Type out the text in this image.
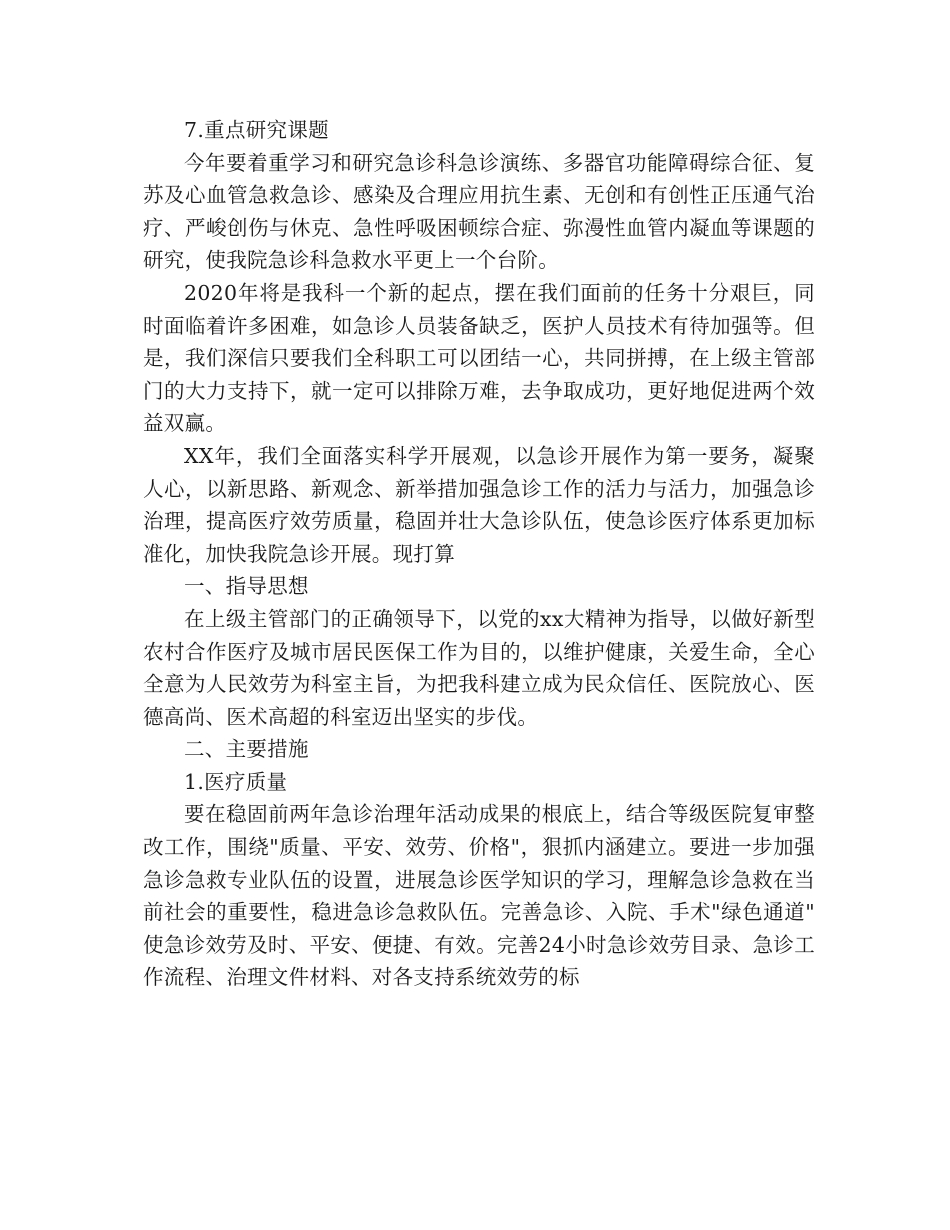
7.重点研究课题

今年要着重学习和研究急诊科急诊演练、多器官功能障碍综合征、复苏及心血管急救急诊、感染及合理应用抗生素、无创和有创性正压通气治疗、严峻创伤与休克、急性呼吸困顿综合症、弥漫性血管内凝血等课题的研究，使我院急诊科急救水平更上一个台阶。

2020年将是我科一个新的起点，摆在我们面前的任务十分艰巨，同时面临着许多困难，如急诊人员装备缺乏，医护人员技术有待加强等。但是，我们深信只要我们全科职工可以团结一心，共同拼搏，在上级主管部门的大力支持下，就一定可以排除万难，去争取成功，更好地促进两个效益双赢。

XX年，我们全面落实科学开展观，以急诊开展作为第一要务，凝聚人心，以新思路、新观念、新举措加强急诊工作的活力与活力，加强急诊治理，提高医疗效劳质量，稳固并壮大急诊队伍，使急诊医疗体系更加标准化，加快我院急诊开展。现打算

一、指导思想

在上级主管部门的正确领导下，以党的xx大精神为指导，以做好新型农村合作医疗及城市居民医保工作为目的，以维护健康，关爱生命，全心全意为人民效劳为科室主旨，为把我科建立成为民众信任、医院放心、医德高尚、医术高超的科室迈出坚实的步伐。

二、主要措施

1.医疗质量

要在稳固前两年急诊治理年活动成果的根底上，结合等级医院复审整改工作，围绕"质量、平安、效劳、价格"，狠抓内涵建立。要进一步加强急诊急救专业队伍的设置，进展急诊医学知识的学习，理解急诊急救在当前社会的重要性，稳进急诊急救队伍。完善急诊、入院、手术"绿色通道"使急诊效劳及时、平安、便捷、有效。完善24小时急诊效劳目录、急诊工作流程、治理文件材料、对各支持系统效劳的标
